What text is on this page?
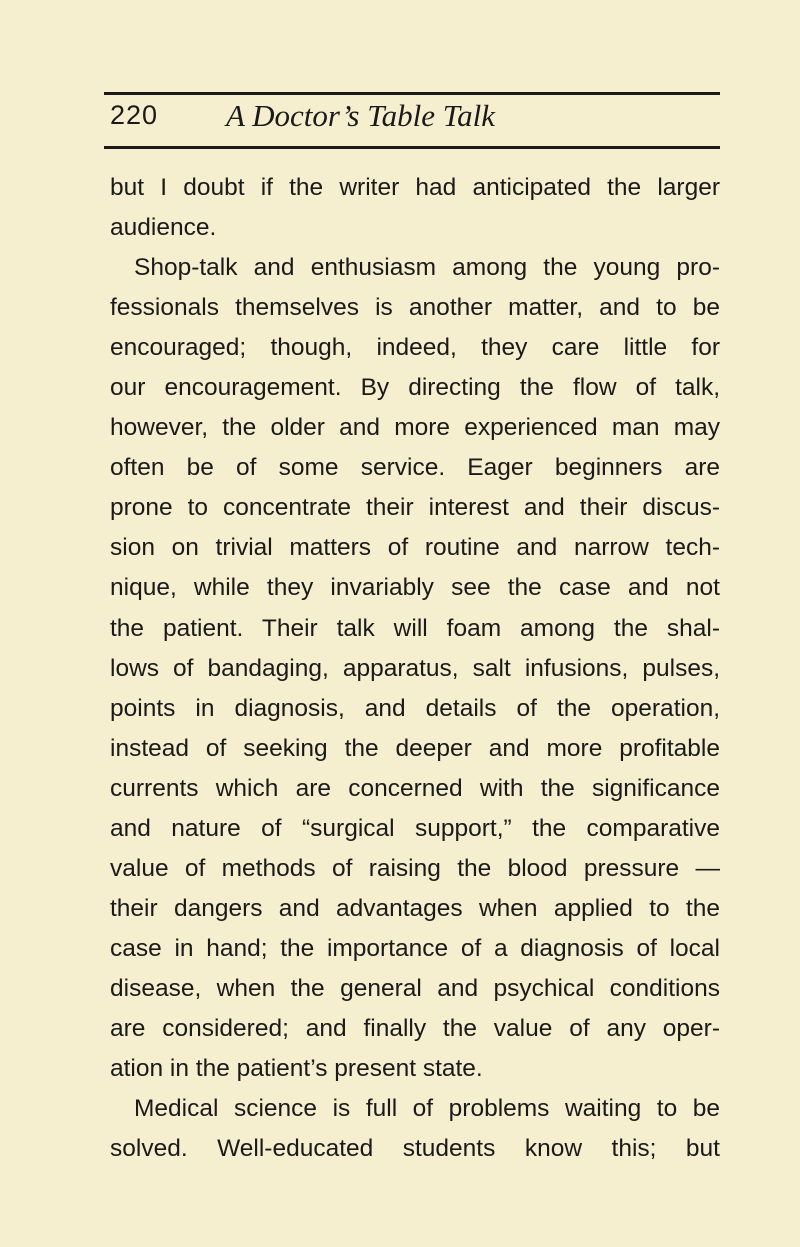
220 A Doctor’s Table Talk
but I doubt if the writer had anticipated the larger
audience.
Shop-talk and enthusiasm among the young pro-
fessionals themselves is another matter, and to be
encouraged; though, indeed, they care little for
our encouragement. By directing the flow of talk,
however, the older and more experienced man may
often be of some service. Eager beginners are
prone to concentrate their interest and their discus-
sion on trivial matters of routine and narrow tech-
nique, while they invariably see the case and not
the patient. Their talk will foam among the shal-
lows of bandaging, apparatus, salt infusions, pulses,
points in diagnosis, and details of the operation,
instead of seeking the deeper and more profitable
currents which are concerned with the significance
and nature of “surgical support,” the comparative
value of methods of raising the blood pressure —
their dangers and advantages when applied to the
case in hand; the importance of a diagnosis of local
disease, when the general and psychical conditions
are considered; and finally the value of any oper-
ation in the patient’s present state.
Medical science is full of problems waiting to be
solved. Well-educated students know this; but
